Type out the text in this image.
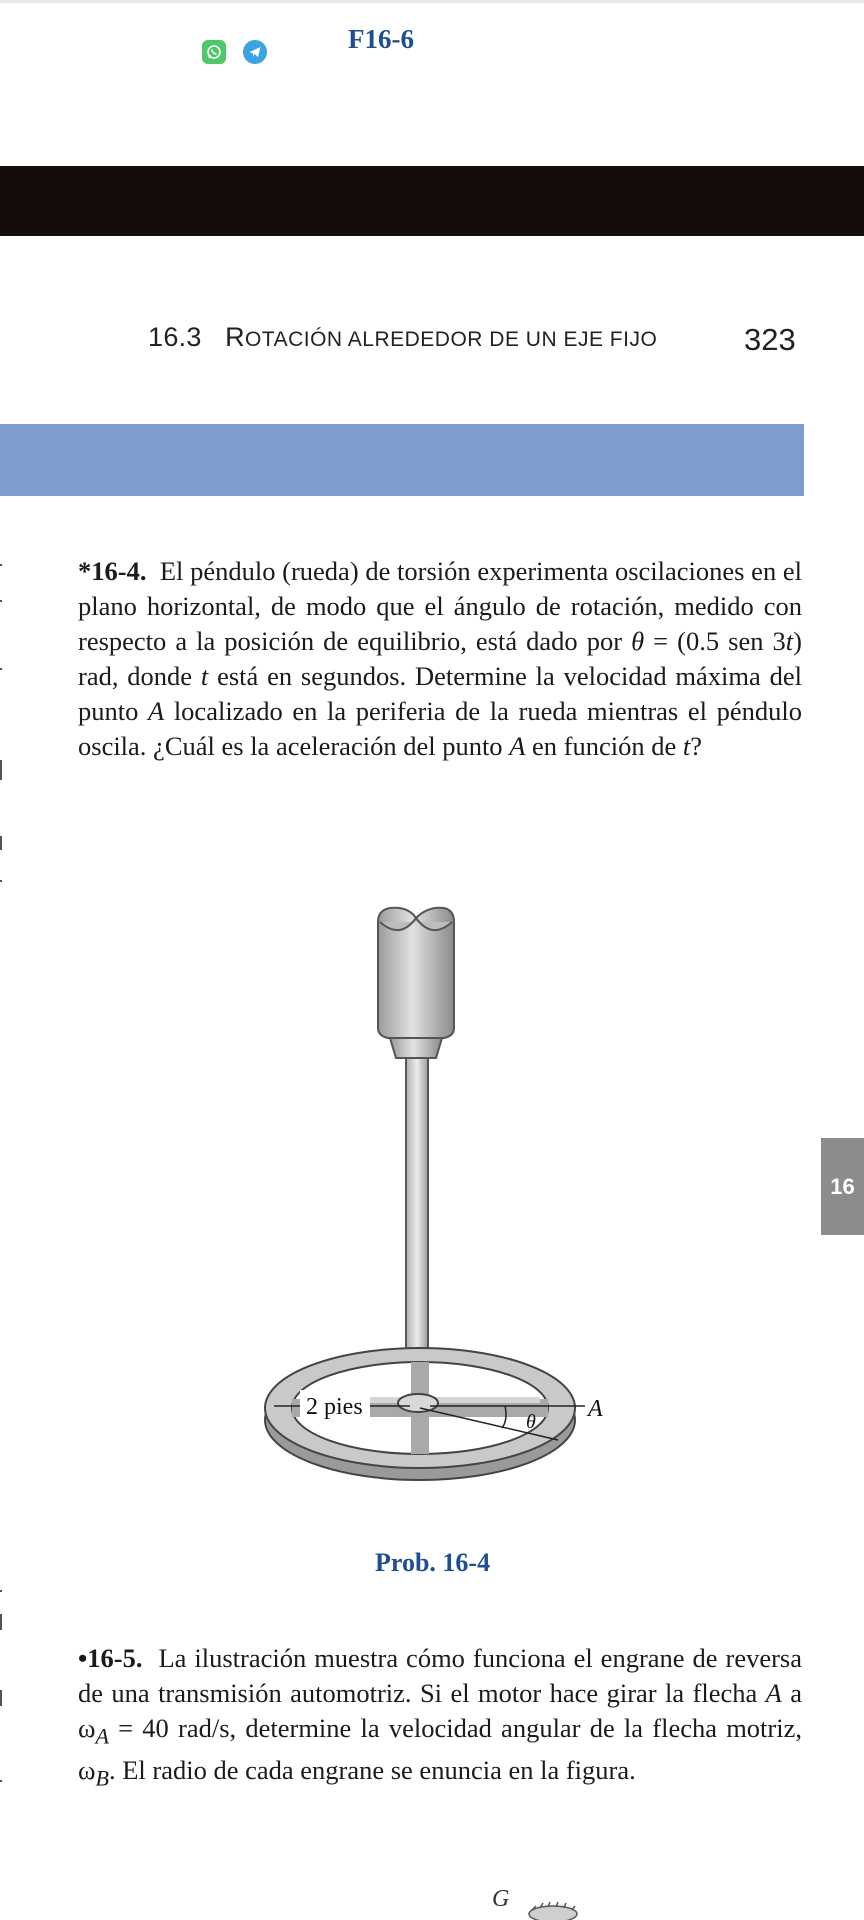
F16-6
16.3 ROTACIÓN ALREDEDOR DE UN EJE FIJO	323
*16-4. El péndulo (rueda) de torsión experimenta oscilaciones en el plano horizontal, de modo que el ángulo de rotación, medido con respecto a la posición de equilibrio, está dado por θ = (0.5 sen 3t) rad, donde t está en segundos. Determine la velocidad máxima del punto A localizado en la periferia de la rueda mientras el péndulo oscila. ¿Cuál es la aceleración del punto A en función de t?
2 pies	A
θ
Prob. 16-4
16
•16-5. La ilustración muestra cómo funciona el engrane de reversa de una transmisión automotriz. Si el motor hace girar la flecha A a $\omega_A = 40$ rad/s, determine la velocidad angular de la flecha motriz, $\omega_B$. El radio de cada engrane se enuncia en la figura.
G
